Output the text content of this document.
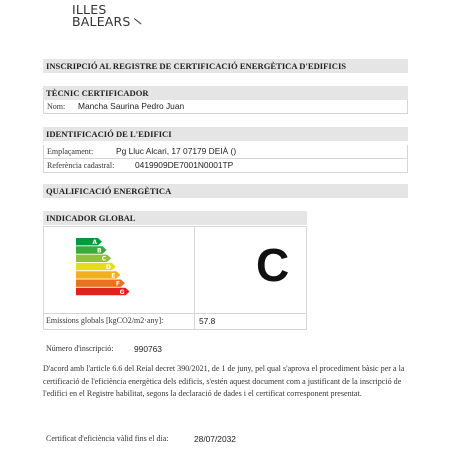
ILLES
BALEARS
INSCRIPCIÓ AL REGISTRE DE CERTIFICACIÓ ENERGÈTICA D'EDIFICIS
TÈCNIC CERTIFICADOR
Nom: Mancha Saurina Pedro Juan
IDENTIFICACIÓ DE L'EDIFICI
Emplaçament:	Pg Lluc Alcari, 17 07179 DEIÀ ()
Referència cadastral: 0419909DE7001N0001TP
QUALIFICACIÓ ENERGÈTICA
INDICADOR GLOBAL
A
B
C
D
E
F
G
C
Emissions globals [kgCO2/m2·any]:	57.8
Número d'inscripció: 990763
D'acord amb l'article 6.6 del Reial decret 390/2021, de 1 de juny, pel qual s'aprova el procediment bàsic per a la certificació de l'eficiència energètica dels edificis, s'estén aquest document com a justificant de la inscripció de l'edifici en el Registre habilitat, segons la declaració de dades i el certificat corresponent presentat.
Certificat d'eficiència vàlid fins el dia:	28/07/2032
